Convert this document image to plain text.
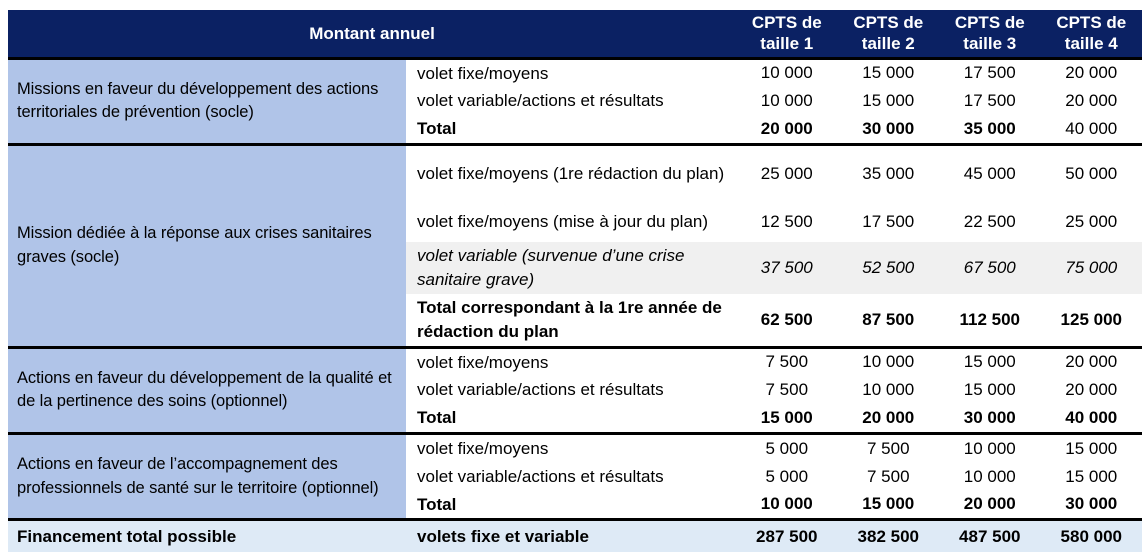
Montant annuel		CPTS de taille 1	CPTS de taille 2	CPTS de taille 3	CPTS de taille 4
Missions en faveur du développement des actions territoriales de prévention (socle)	volet fixe/moyens	10 000	15 000	17 500	20 000
	volet variable/actions et résultats	10 000	15 000	17 500	20 000
	Total	20 000	30 000	35 000	40 000
Mission dédiée à la réponse aux crises sanitaires graves (socle)	volet fixe/moyens (1re rédaction du plan)	25 000	35 000	45 000	50 000
	volet fixe/moyens (mise à jour du plan)	12 500	17 500	22 500	25 000
	volet variable (survenue d’une crise sanitaire grave)	37 500	52 500	67 500	75 000
	Total correspondant à la 1re année de rédaction du plan	62 500	87 500	112 500	125 000
Actions en faveur du développement de la qualité et de la pertinence des soins (optionnel)	volet fixe/moyens	7 500	10 000	15 000	20 000
	volet variable/actions et résultats	7 500	10 000	15 000	20 000
	Total	15 000	20 000	30 000	40 000
Actions en faveur de l’accompagnement des professionnels de santé sur le territoire (optionnel)	volet fixe/moyens	5 000	7 500	10 000	15 000
	volet variable/actions et résultats	5 000	7 500	10 000	15 000
	Total	10 000	15 000	20 000	30 000
Financement total possible	volets fixe et variable	287 500	382 500	487 500	580 000
